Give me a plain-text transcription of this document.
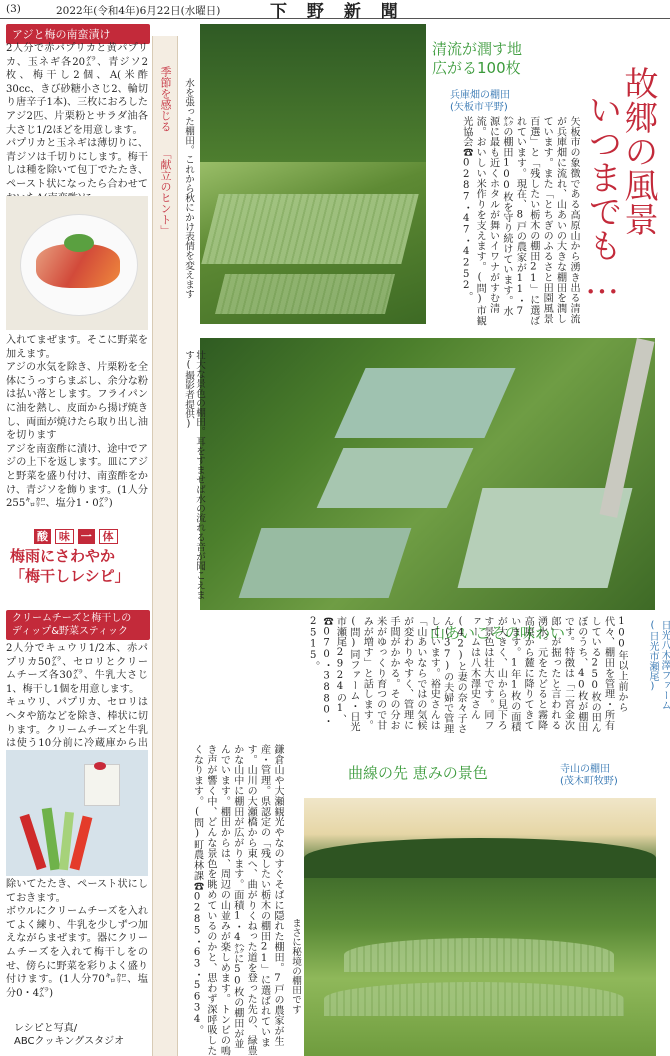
(3)	2022年(令和4年)6月22日(水曜日)	下 野 新 聞
アジと梅の南蛮漬け
2人分で赤パプリカと黄パプリカ、玉ネギ各20㌘、青ジソ2枚、梅干し2個、A(米酢30cc、きび砂糖小さじ2、輪切り唐辛子1本)、三枚におろしたアジ2匹、片栗粉とサラダ油各大さじ1/2ほどを用意します。
パプリカと玉ネギは薄切りに、青ジソは千切りにします。梅干しは種を除いて包丁でたたき、ペースト状になったら合わせて
入れてまぜます。そこに野菜を加えます。
アジの水気を除き、片栗粉を全体にうっすらまぶし、余分な粉は払い落とします。フライパンに油を熱し、皮面から揚げ焼きし、両面が焼けたら取り出し油を切ります
アジを南蛮酢に漬け、途中でアジの上下を返します。皿にアジと野菜を盛り付け、南蛮酢をかけ、青ジソを飾ります。(1人分255㌔㌍、塩分1・0㌘)
酸 味 一 体
梅雨にさわやか
「梅干しレシピ」
クリームチーズと梅干しの
ディップ&野菜スティック
2人分でキュウリ1/2本、赤パプリカ50㌘、セロリとクリームチーズ各30㌘、牛乳大さじ1、梅干し1個を用意します。
キュウリ、パプリカ、セロリはヘタや筋などを除き、棒状に切ります。クリームチーズと牛乳は使う10分前に冷蔵庫から出
除いてたたき、ペースト状にしておきます。
ボウルにクリームチーズを入れてよく練り、牛乳を少しずつ加えながらまぜます。器にクリームチーズを入れて梅干しをのせ、傍らに野菜を彩りよく盛り付けます。(1人分70㌔㌍、塩分0・4㌘)
レシピと写真/
ABCクッキングスタジオ
季節を感じる「献立のヒント」 水を張った棚田。これから秋にかけ表情を変えます
清流が潤す地
広がる100枚
兵庫畑の棚田
(矢板市平野)
矢板市の象徴である高原山から湧き出る清流が兵庫畑に流れ、山あいの大きな棚田を潤しています。また「とちぎのふるさと田園風景百選」と「残したい栃木の棚田21」に選ばれています。現在、8戸の農家が11・7㌶の棚田100枚を守り続けています。水源に最も近くホタルが舞いイワナがすむ清流。おいしい米作りを支えます。(問)市観光協会☎0287・47・4252。	故郷の風景
いつまでも…
壮大な景色の棚田。耳をすませば水の流れる音が聞こえます(撮影者提供)
日光八木澤ファーム
(日光市瀬尾)
山あいこその味わい	100年以上前から代々、棚田を管理・所有している250枚の田んぼのうち、40枚が棚田です。特徴は「二宮金次郎」が掘ったと言われる湧水。元をたどると霧降高原から麓に降りてきています。1年1枚の面積が大きく、山から見下ろす景色は壮大です。同ファームは八木澤史さん(42)と妻の奈々子さん(37)の夫婦で管理しています。裕史さんは「山あいならではの気候が変わりやすく、管理に手間がかかる。その分お米がゆっくり育つので甘みが増す」と話します。(問)同ファーム・日光市瀬尾2924の1、☎070・3880・2515。
曲線の先 恵みの景色	寺山の棚田
(茂木町牧野)
まさに秘境の棚田です
鎌倉山や大瀬観光やなのすぐそばに隠れた棚田。7戸の農家が生産・管理。県認定の「残したい栃木の棚田21」に選ばれています。山川の大瀬橋から東へ、曲がりくねった道を登った先の、緑豊かな山中に棚田が広がります。面積1・4㌶に50枚の棚田が並んでいます。棚田からは、周辺の山並みが楽しめます。トンビの鳴き声が響く中、どんな景色を眺めているのかと、思わず深呼吸したくなります。(問)町農林課☎0285・63・5634。
